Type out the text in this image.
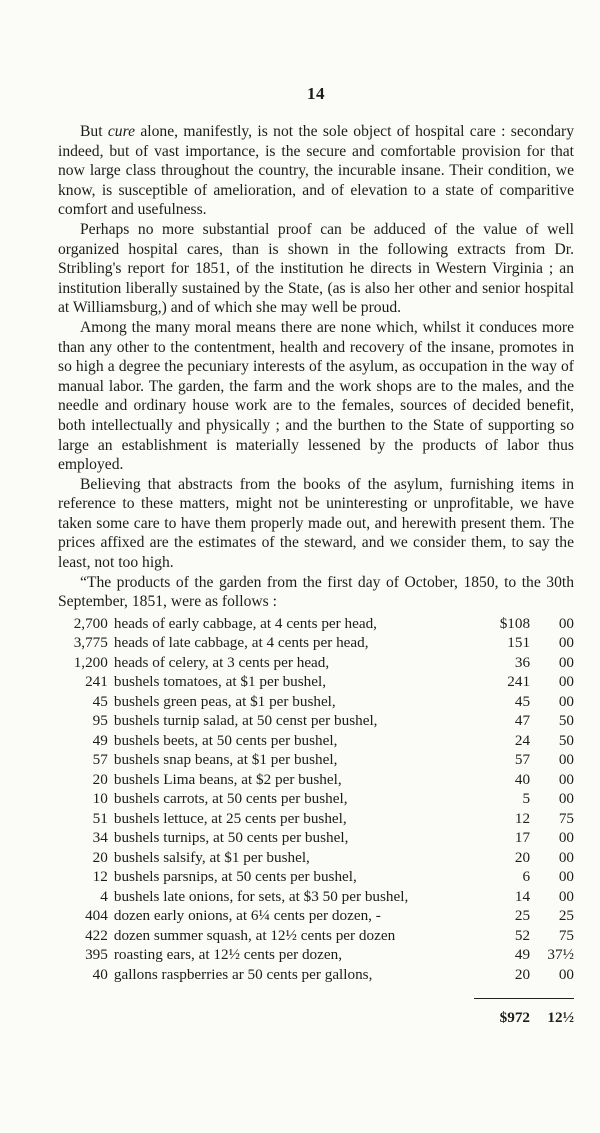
14

But cure alone, manifestly, is not the sole object of hospital care : secondary indeed, but of vast importance, is the secure and comfortable provision for that now large class throughout the country, the incurable insane. Their condition, we know, is susceptible of amelioration, and of elevation to a state of comparitive comfort and usefulness.

Perhaps no more substantial proof can be adduced of the value of well organized hospital cares, than is shown in the following extracts from Dr. Stribling's report for 1851, of the institution he directs in Western Virginia ; an institution liberally sustained by the State, (as is also her other and senior hospital at Williamsburg,) and of which she may well be proud.

Among the many moral means there are none which, whilst it conduces more than any other to the contentment, health and recovery of the insane, promotes in so high a degree the pecuniary interests of the asylum, as occupation in the way of manual labor. The garden, the farm and the work shops are to the males, and the needle and ordinary house work are to the females, sources of decided benefit, both intellectually and physically ; and the burthen to the State of supporting so large an establishment is materially lessened by the products of labor thus employed.

Believing that abstracts from the books of the asylum, furnishing items in reference to these matters, might not be uninteresting or unprofitable, we have taken some care to have them properly made out, and herewith present them. The prices affixed are the estimates of the steward, and we consider them, to say the least, not too high.

“The products of the garden from the first day of October, 1850, to the 30th September, 1851, were as follows :

2,700	heads of early cabbage, at 4 cents per head,	$108	00
3,775	heads of late cabbage, at 4 cents per head,	151	00
1,200	heads of celery, at 3 cents per head,	36	00
241	bushels tomatoes, at $1 per bushel,	241	00
45	bushels green peas, at $1 per bushel,	45	00
95	bushels turnip salad, at 50 censt per bushel,	47	50
49	bushels beets, at 50 cents per bushel,	24	50
57	bushels snap beans, at $1 per bushel,	57	00
20	bushels Lima beans, at $2 per bushel,	40	00
10	bushels carrots, at 50 cents per bushel,	5	00
51	bushels lettuce, at 25 cents per bushel,	12	75
34	bushels turnips, at 50 cents per bushel,	17	00
20	bushels salsify, at $1 per bushel,	20	00
12	bushels parsnips, at 50 cents per bushel,	6	00
4	bushels late onions, for sets, at $3 50 per bushel,	14	00
404	dozen early onions, at 6¼ cents per dozen, -	25	25
422	dozen summer squash, at 12½ cents per dozen	52	75
395	roasting ears, at 12½ cents per dozen,	49	37½
40	gallons raspberries ar 50 cents per gallons,	20	00
		$972	12½
